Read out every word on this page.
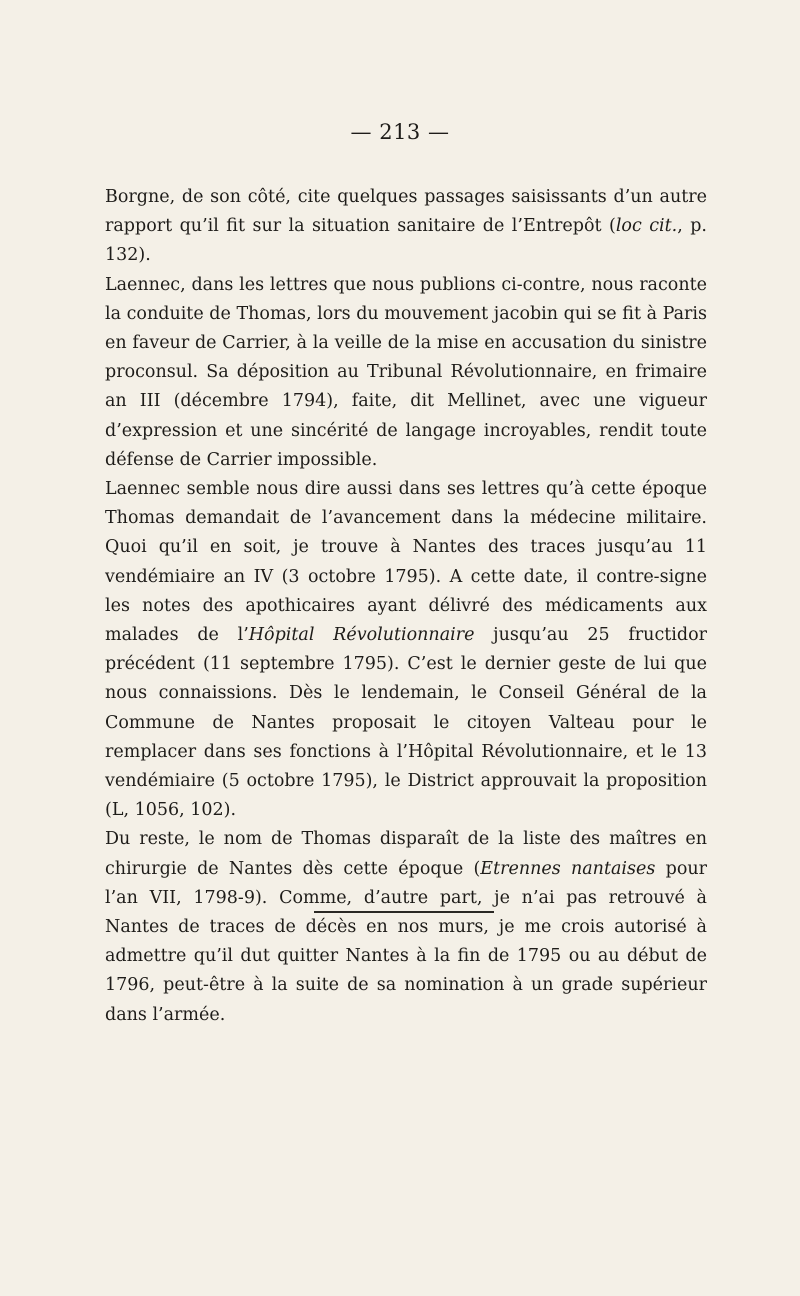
— 213 —

Borgne, de son côté, cite quelques passages saisissants d’un autre rapport qu’il fit sur la situation sanitaire de l’Entrepôt (loc cit., p. 132).

Laennec, dans les lettres que nous publions ci-contre, nous raconte la conduite de Thomas, lors du mouvement jacobin qui se fit à Paris en faveur de Carrier, à la veille de la mise en accusation du sinistre proconsul. Sa déposition au Tribunal Révolutionnaire, en frimaire an III (décembre 1794), faite, dit Mellinet, avec une vigueur d’expression et une sincérité de langage incroyables, rendit toute défense de Carrier impossible.

Laennec semble nous dire aussi dans ses lettres qu’à cette époque Thomas demandait de l’avancement dans la médecine militaire. Quoi qu’il en soit, je trouve à Nantes des traces jusqu’au 11 vendémiaire an IV (3 octobre 1795). A cette date, il contre-signe les notes des apothicaires ayant délivré des médicaments aux malades de l’Hôpital Révolutionnaire jusqu’au 25 fructidor précédent (11 septembre 1795). C’est le dernier geste de lui que nous connaissions. Dès le lendemain, le Conseil Général de la Commune de Nantes proposait le citoyen Valteau pour le remplacer dans ses fonctions à l’Hôpital Révolutionnaire, et le 13 vendémiaire (5 octobre 1795), le District approuvait la proposition (L, 1056, 102).

Du reste, le nom de Thomas disparaît de la liste des maîtres en chirurgie de Nantes dès cette époque (Etrennes nantaises pour l’an VII, 1798-9). Comme, d’autre part, je n’ai pas retrouvé à Nantes de traces de décès en nos murs, je me crois autorisé à admettre qu’il dut quitter Nantes à la fin de 1795 ou au début de 1796, peut-être à la suite de sa nomination à un grade supérieur dans l’armée.
